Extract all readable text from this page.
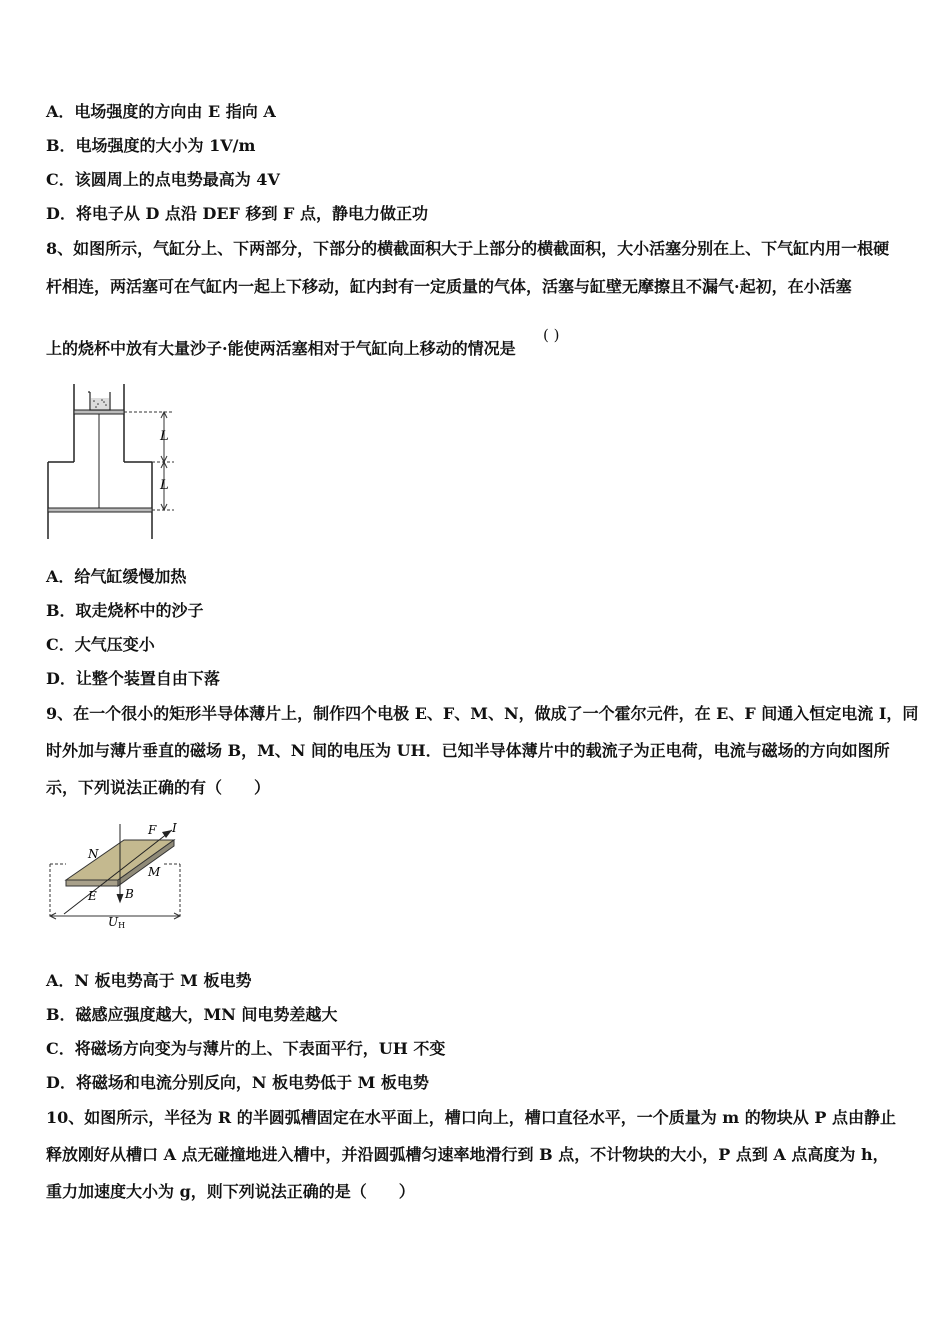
A．电场强度的方向由 E 指向 A
B．电场强度的大小为 1V/m
C．该圆周上的点电势最高为 4V
D．将电子从 D 点沿 DEF 移到 F 点，静电力做正功
8、如图所示，气缸分上、下两部分，下部分的横截面积大于上部分的横截面积，大小活塞分别在上、下气缸内用一根硬
杆相连，两活塞可在气缸内一起上下移动，缸内封有一定质量的气体，活塞与缸壁无摩擦且不漏气·起初，在小活塞
上的烧杯中放有大量沙子·能使两活塞相对于气缸向上移动的情况是
( )
L
L
A．给气缸缓慢加热
B．取走烧杯中的沙子
C．大气压变小
D．让整个装置自由下落
9、在一个很小的矩形半导体薄片上，制作四个电极 E、F、M、N，做成了一个霍尔元件，在 E、F 间通入恒定电流 I，同
时外加与薄片垂直的磁场 B，M、N 间的电压为 UH．已知半导体薄片中的载流子为正电荷，电流与磁场的方向如图所
示，下列说法正确的有（　　）
F I
N
M
E B
UH
A．N 板电势高于 M 板电势
B．磁感应强度越大，MN 间电势差越大
C．将磁场方向变为与薄片的上、下表面平行，UH 不变
D．将磁场和电流分别反向，N 板电势低于 M 板电势
10、如图所示，半径为 R 的半圆弧槽固定在水平面上，槽口向上，槽口直径水平，一个质量为 m 的物块从 P 点由静止
释放刚好从槽口 A 点无碰撞地进入槽中，并沿圆弧槽匀速率地滑行到 B 点，不计物块的大小，P 点到 A 点高度为 h，
重力加速度大小为 g，则下列说法正确的是（　　）
